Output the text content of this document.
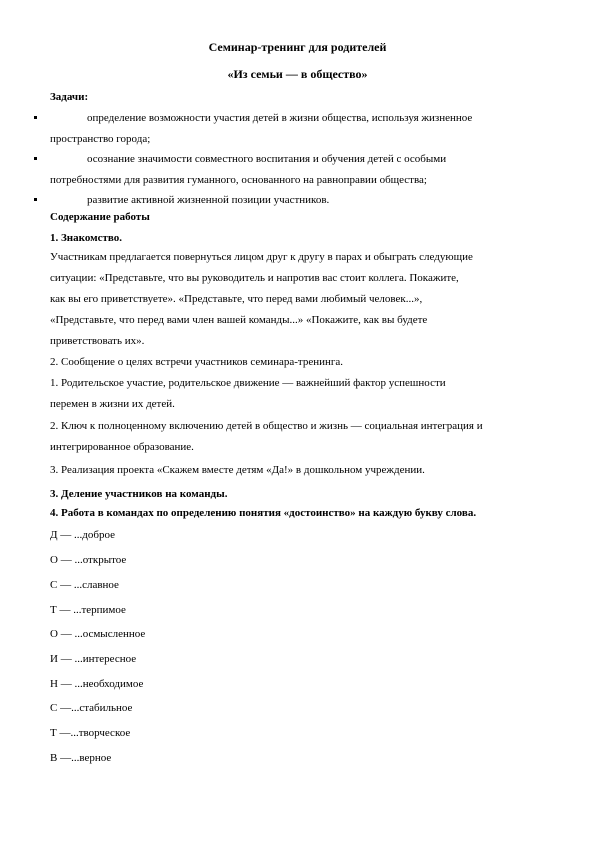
Семинар-тренинг для родителей
«Из семьи — в общество»
Задачи:
определение возможности участия детей в жизни общества, используя жизненное
пространство города;
осознание значимости совместного воспитания и обучения детей с особыми
потребностями для развития гуманного, основанного на равноправии общества;
развитие активной жизненной позиции участников.
Содержание работы
1. Знакомство.
Участникам предлагается повернуться лицом друг к другу в парах и обыграть следующие
ситуации: «Представьте, что вы руководитель и напротив вас стоит коллега. Покажите,
как вы его приветствуете». «Представьте, что перед вами любимый человек...»,
«Представьте, что перед вами член вашей команды...» «Покажите, как вы будете
приветствовать их».
2. Сообщение о целях встречи участников семинара-тренинга.
1. Родительское участие, родительское движение — важнейший фактор успешности
перемен в жизни их детей.
2. Ключ к полноценному включению детей в общество и жизнь — социальная интеграция и
интегрированное образование.
3. Реализация проекта «Скажем вместе детям «Да!» в дошкольном учреждении.
3. Деление участников на команды.
4. Работа в командах по определению понятия «достоинство» на каждую букву слова.
Д — ...доброе
О — ...открытое
С — ...славное
Т — ...терпимое
О — ...осмысленное
И — ...интересное
Н — ...необходимое
С —...стабильное
Т —...творческое
В —...верное
